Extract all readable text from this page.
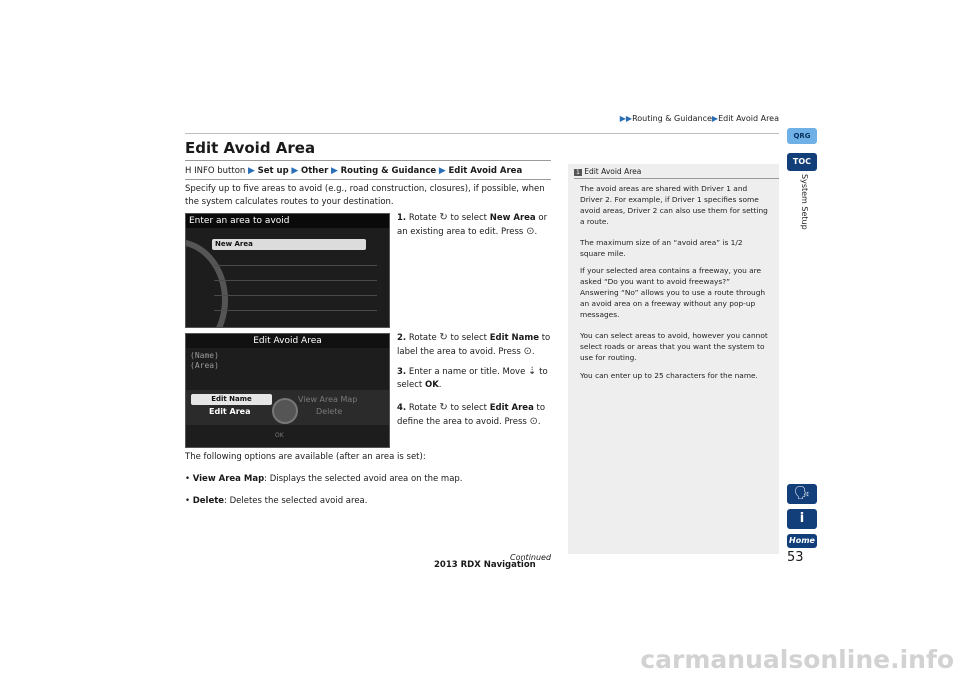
▶▶Routing & Guidance▶Edit Avoid Area
Edit Avoid Area
H INFO button ▶ Set up ▶ Other ▶ Routing & Guidance ▶ Edit Avoid Area
Specify up to five areas to avoid (e.g., road construction, closures), if possible, when the system calculates routes to your destination.
1. Rotate ↻ to select New Area or an existing area to edit. Press ⊙.
Enter an area to avoid
New Area
2. Rotate ↻ to select Edit Name to label the area to avoid. Press ⊙.
3. Enter a name or title. Move ⇣ to select OK.
4. Rotate ↻ to select Edit Area to define the area to avoid. Press ⊙.
Edit Avoid Area
(Name)
(Area)
Edit Name
Edit Area
View Area Map
Delete
OK
The following options are available (after an area is set):
• View Area Map: Displays the selected avoid area on the map.
• Delete: Deletes the selected avoid area.
1 Edit Avoid Area
The avoid areas are shared with Driver 1 and Driver 2. For example, if Driver 1 specifies some avoid areas, Driver 2 can also use them for setting a route.
The maximum size of an “avoid area” is 1/2 square mile.
If your selected area contains a freeway, you are asked “Do you want to avoid freeways?” Answering “No” allows you to use a route through an avoid area on a freeway without any pop-up messages.
You can select areas to avoid, however you cannot select roads or areas that you want the system to use for routing.
You can enter up to 25 characters for the name.
QRG
TOC
System Setup
🗣
i
Home
53
Continued
2013 RDX Navigation
carmanualsonline.info
